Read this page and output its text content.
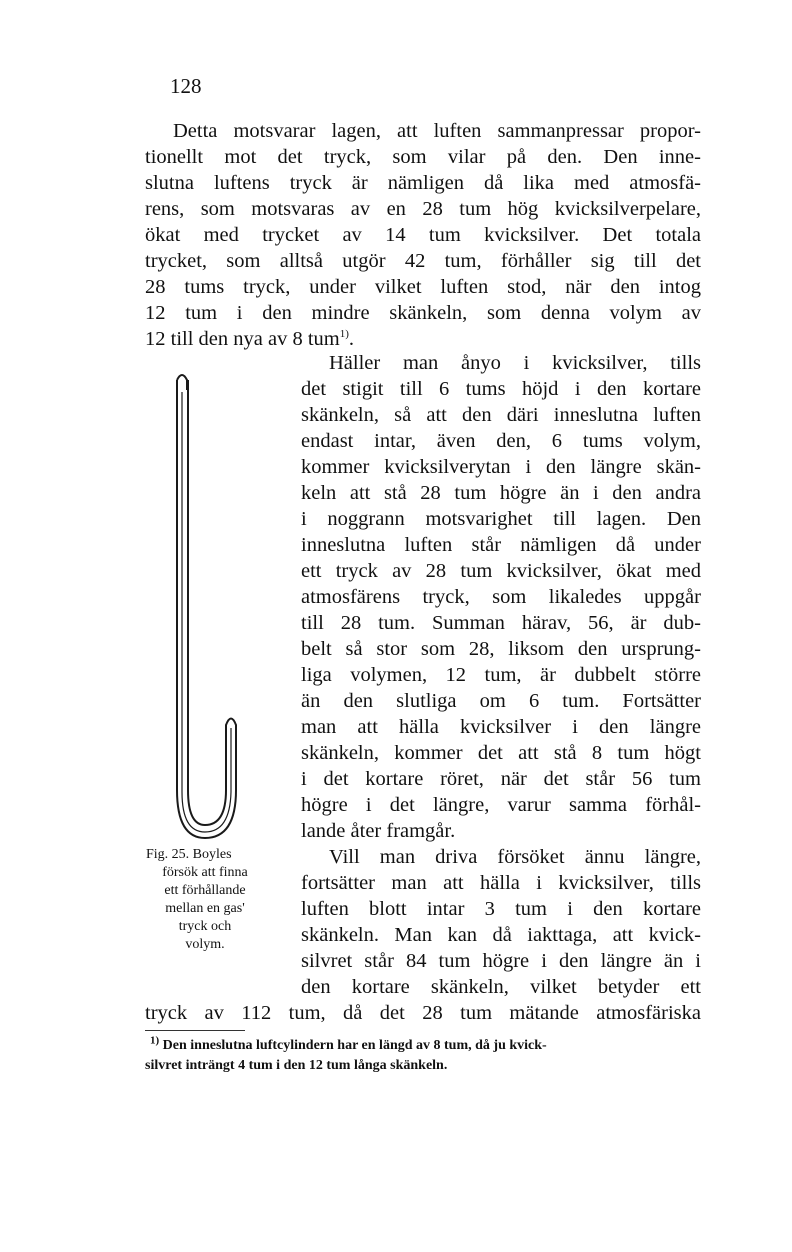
128
Detta motsvarar lagen, att luften sammanpressar propor-
tionellt mot det tryck, som vilar på den. Den inne-
slutna luftens tryck är nämligen då lika med atmosfä-
rens, som motsvaras av en 28 tum hög kvicksilverpelare,
ökat med trycket av 14 tum kvicksilver. Det totala
trycket, som alltså utgör 42 tum, förhåller sig till det
28 tums tryck, under vilket luften stod, när den intog
12 tum i den mindre skänkeln, som denna volym av
12 till den nya av 8 tum$^{1)}$.
Häller man ånyo i kvicksilver, tills
det stigit till 6 tums höjd i den kortare
skänkeln, så att den däri inneslutna luften
endast intar, även den, 6 tums volym,
kommer kvicksilverytan i den längre skän-
keln att stå 28 tum högre än i den andra
i noggrann motsvarighet till lagen. Den
inneslutna luften står nämligen då under
ett tryck av 28 tum kvicksilver, ökat med
atmosfärens tryck, som likaledes uppgår
till 28 tum. Summan härav, 56, är dub-
belt så stor som 28, liksom den ursprung-
liga volymen, 12 tum, är dubbelt större
än den slutliga om 6 tum. Fortsätter
man att hälla kvicksilver i den längre
skänkeln, kommer det att stå 8 tum högt
i det kortare röret, när det står 56 tum
högre i det längre, varur samma förhål-
lande åter framgår.
Fig. 25. Boyles
försök att finna
ett förhållande
mellan en gas'
tryck och
volym.
Vill man driva försöket ännu längre,
fortsätter man att hälla i kvicksilver, tills
luften blott intar 3 tum i den kortare
skänkeln. Man kan då iakttaga, att kvick-
silvret står 84 tum högre i den längre än i
den kortare skänkeln, vilket betyder ett
tryck av 112 tum, då det 28 tum mätande atmosfäriska
$^{1)}$ Den inneslutna luftcylindern har en längd av 8 tum, då ju kvick-
silvret inträngt 4 tum i den 12 tum långa skänkeln.
